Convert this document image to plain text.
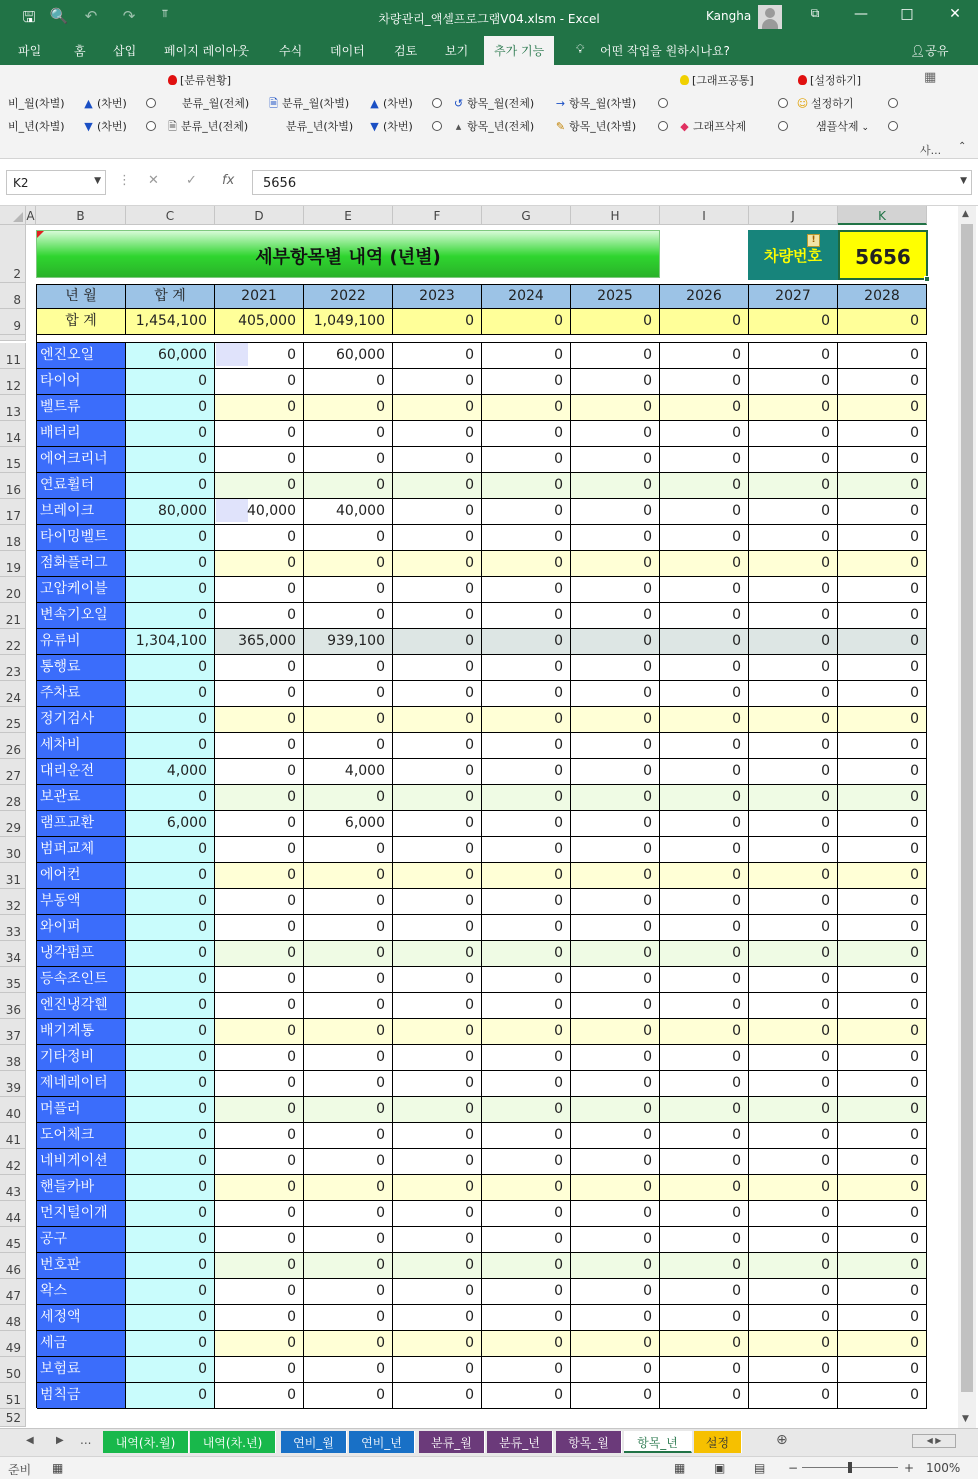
🖫 🔍	↶	↷	⫪	차량관리_액셀프로그램V04.xlsm - Excel	Kangha	⧉	—	□	✕
파일	홈 삽입 페이지 레이아웃	수식 데이터 검토 보기	추가 기능	💡︎ 어떤 작업을 원하시나요?	👤︎공유
[분류현황]	[그래프공통]	[설정하기]	▦
비_월(차별) ▲ (차번)	분류_월(전체) 🗎 분류_월(차별) ▲ (차번)	↺ 항목_월(전체) → 항목_월(차별)	☺ 설정하기
비_년(차별) ▼ (차번)	🗎 분류_년(전체)	분류_년(차별) ▼ (차번)	▴ 항목_년(전체) ✎ 항목_년(차별)	◆ 그래프삭제	샘플삭제 ⌄
사... ⌃
K2	▼ ⋮ ✕ ✓ fx	5656	▼
A	B	C	D	E	F	G	H	I	J	K
2
8
9
11
12
13
14
15
16
17
18
19
20
21
22
23
24
25
26
27
28
29
30
31
32
33
34
35
36
37
38
39
40
41
42
43
44
45
46
47
48
49
50
51
52
년 월	합 계	2021	2022	2023	2024	2025	2026	2027	2028
합 계	1,454,100	405,000	1,049,100	0	0	0	0	0	0
엔진오일	60,000	0	60,000	0	0	0	0	0	0
타이어	0	0	0	0	0	0	0	0	0
벨트류	0	0	0	0	0	0	0	0	0
배터리	0	0	0	0	0	0	0	0	0
에어크리너	0	0	0	0	0	0	0	0	0
연료휠터	0	0	0	0	0	0	0	0	0
브레이크	80,000	40,000	40,000	0	0	0	0	0	0
타이밍벨트	0	0	0	0	0	0	0	0	0
점화플러그	0	0	0	0	0	0	0	0	0
고압케이블	0	0	0	0	0	0	0	0	0
변속기오일	0	0	0	0	0	0	0	0	0
유류비	1,304,100	365,000	939,100	0	0	0	0	0	0
통행료	0	0	0	0	0	0	0	0	0
주차료	0	0	0	0	0	0	0	0	0
정기검사	0	0	0	0	0	0	0	0	0
세차비	0	0	0	0	0	0	0	0	0
대리운전	4,000	0	4,000	0	0	0	0	0	0
보관료	0	0	0	0	0	0	0	0	0
램프교환	6,000	0	6,000	0	0	0	0	0	0
범퍼교체	0	0	0	0	0	0	0	0	0
에어컨	0	0	0	0	0	0	0	0	0
부동액	0	0	0	0	0	0	0	0	0
와이퍼	0	0	0	0	0	0	0	0	0
냉각펌프	0	0	0	0	0	0	0	0	0
등속조인트	0	0	0	0	0	0	0	0	0
엔진냉각휀	0	0	0	0	0	0	0	0	0
배기계통	0	0	0	0	0	0	0	0	0
기타정비	0	0	0	0	0	0	0	0	0
제네레이터	0	0	0	0	0	0	0	0	0
머플러	0	0	0	0	0	0	0	0	0
도어체크	0	0	0	0	0	0	0	0	0
네비게이션	0	0	0	0	0	0	0	0	0
핸들카바	0	0	0	0	0	0	0	0	0
먼지털이개	0	0	0	0	0	0	0	0	0
공구	0	0	0	0	0	0	0	0	0
번호판	0	0	0	0	0	0	0	0	0
왁스	0	0	0	0	0	0	0	0	0
세정액	0	0	0	0	0	0	0	0	0
세금	0	0	0	0	0	0	0	0	0
보험료	0	0	0	0	0	0	0	0	0
범칙금	0	0	0	0	0	0	0	0	0
세부항목별 내역 (년별)	차량번호
!
5656
▲
▼
◀ ▶ ...	내역(차.월)	내역(차.년)	연비_월	연비_년	분류_월	분류_년	항목_월	항목_년	설정	⊕	◀ ▶
준비 ▦	▦ ▣ ▤ −	+ 100%
